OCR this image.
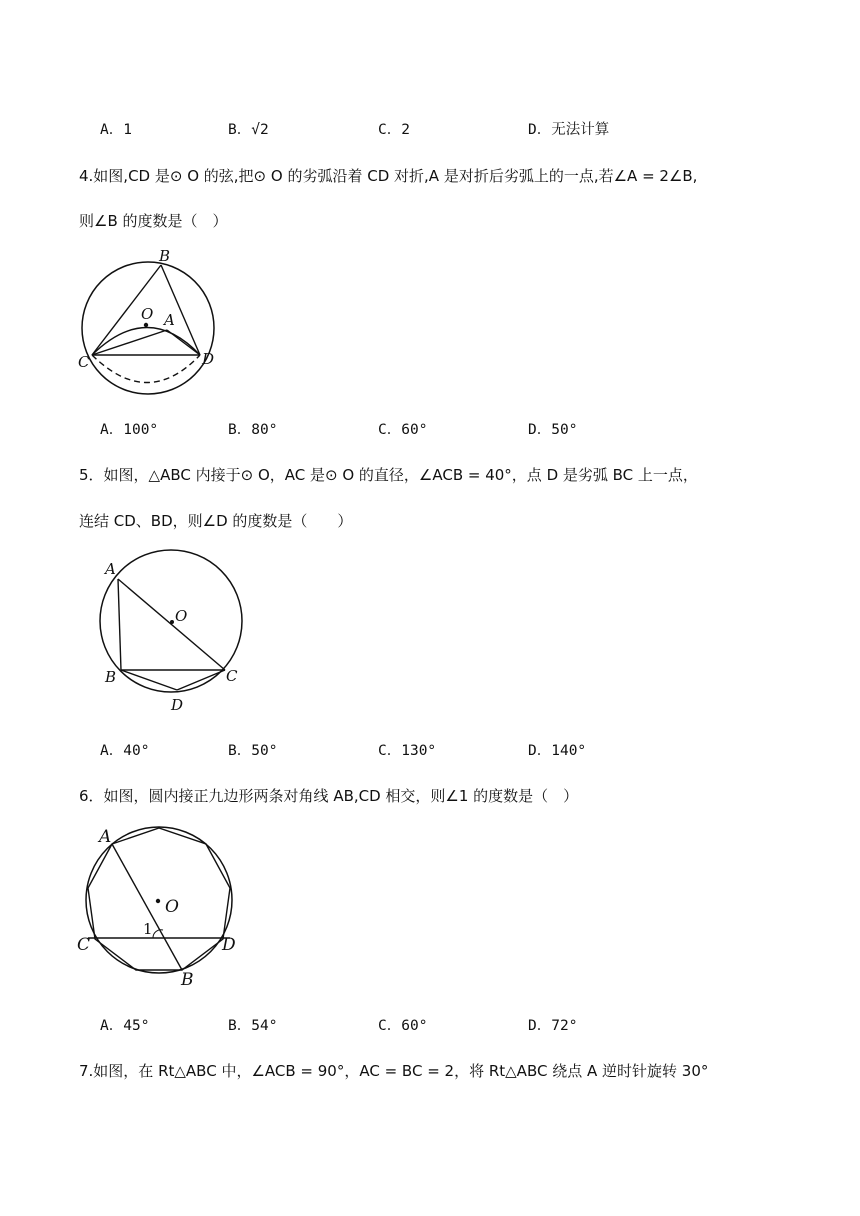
A．1	B．√2	C．2	D．无法计算
4.如图,CD 是⊙ O 的弦,把⊙ O 的劣弧沿着 CD 对折,A 是对折后劣弧上的一点,若∠A = 2∠B,
则∠B 的度数是（　）
B
O A
C	D
A．100°	B．80°	C．60°	D．50°
5．如图，△ABC 内接于⊙ O，AC 是⊙ O 的直径，∠ACB = 40°，点 D 是劣弧 BC 上一点，
连结 CD、BD，则∠D 的度数是（　　）
A
O
B	C
D
A．40°	B．50°	C．130°	D．140°
6．如图，圆内接正九边形两条对角线 AB,CD 相交，则∠1 的度数是（　）
A
O
1
C	D
B
A．45°	B．54°	C．60°	D．72°
7.如图，在 Rt△ABC 中，∠ACB = 90°，AC = BC = 2，将 Rt△ABC 绕点 A 逆时针旋转 30°
